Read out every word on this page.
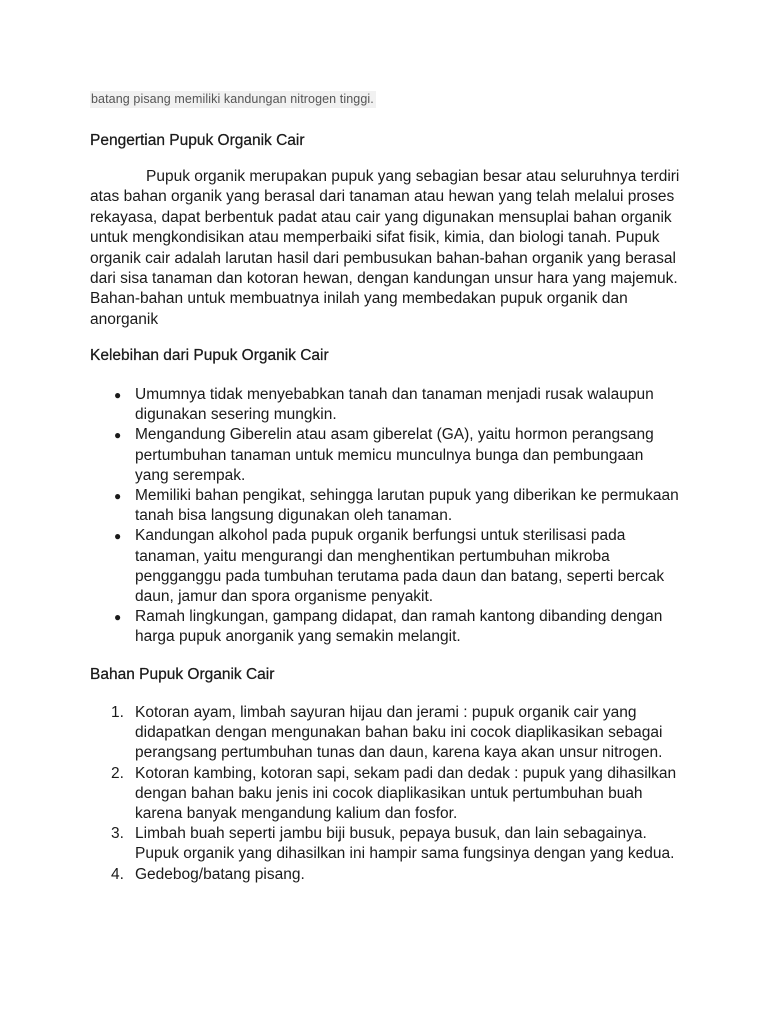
batang pisang memiliki kandungan nitrogen tinggi.
Pengertian Pupuk Organik Cair

Pupuk organik merupakan pupuk yang sebagian besar atau seluruhnya terdiri atas bahan organik yang berasal dari tanaman atau hewan yang telah melalui proses rekayasa, dapat berbentuk padat atau cair yang digunakan mensuplai bahan organik untuk mengkondisikan atau memperbaiki sifat fisik, kimia, dan biologi tanah. Pupuk organik cair adalah larutan hasil dari pembusukan bahan-bahan organik yang berasal dari sisa tanaman dan kotoran hewan, dengan kandungan unsur hara yang majemuk. Bahan-bahan untuk membuatnya inilah yang membedakan pupuk organik dan anorganik

Kelebihan dari Pupuk Organik Cair
● Umumnya tidak menyebabkan tanah dan tanaman menjadi rusak walaupun digunakan sesering mungkin.
● Mengandung Giberelin atau asam giberelat (GA), yaitu hormon perangsang pertumbuhan tanaman untuk memicu munculnya bunga dan pembungaan yang serempak.
● Memiliki bahan pengikat, sehingga larutan pupuk yang diberikan ke permukaan tanah bisa langsung digunakan oleh tanaman.
● Kandungan alkohol pada pupuk organik berfungsi untuk sterilisasi pada tanaman, yaitu mengurangi dan menghentikan pertumbuhan mikroba pengganggu pada tumbuhan terutama pada daun dan batang, seperti bercak daun, jamur dan spora organisme penyakit.
● Ramah lingkungan, gampang didapat, dan ramah kantong dibanding dengan harga pupuk anorganik yang semakin melangit.
Bahan Pupuk Organik Cair
1. Kotoran ayam, limbah sayuran hijau dan jerami : pupuk organik cair yang didapatkan dengan mengunakan bahan baku ini cocok diaplikasikan sebagai perangsang pertumbuhan tunas dan daun, karena kaya akan unsur nitrogen.
2. Kotoran kambing, kotoran sapi, sekam padi dan dedak : pupuk yang dihasilkan dengan bahan baku jenis ini cocok diaplikasikan untuk pertumbuhan buah karena banyak mengandung kalium dan fosfor.
3. Limbah buah seperti jambu biji busuk, pepaya busuk, dan lain sebagainya. Pupuk organik yang dihasilkan ini hampir sama fungsinya dengan yang kedua.
4. Gedebog/batang pisang.
